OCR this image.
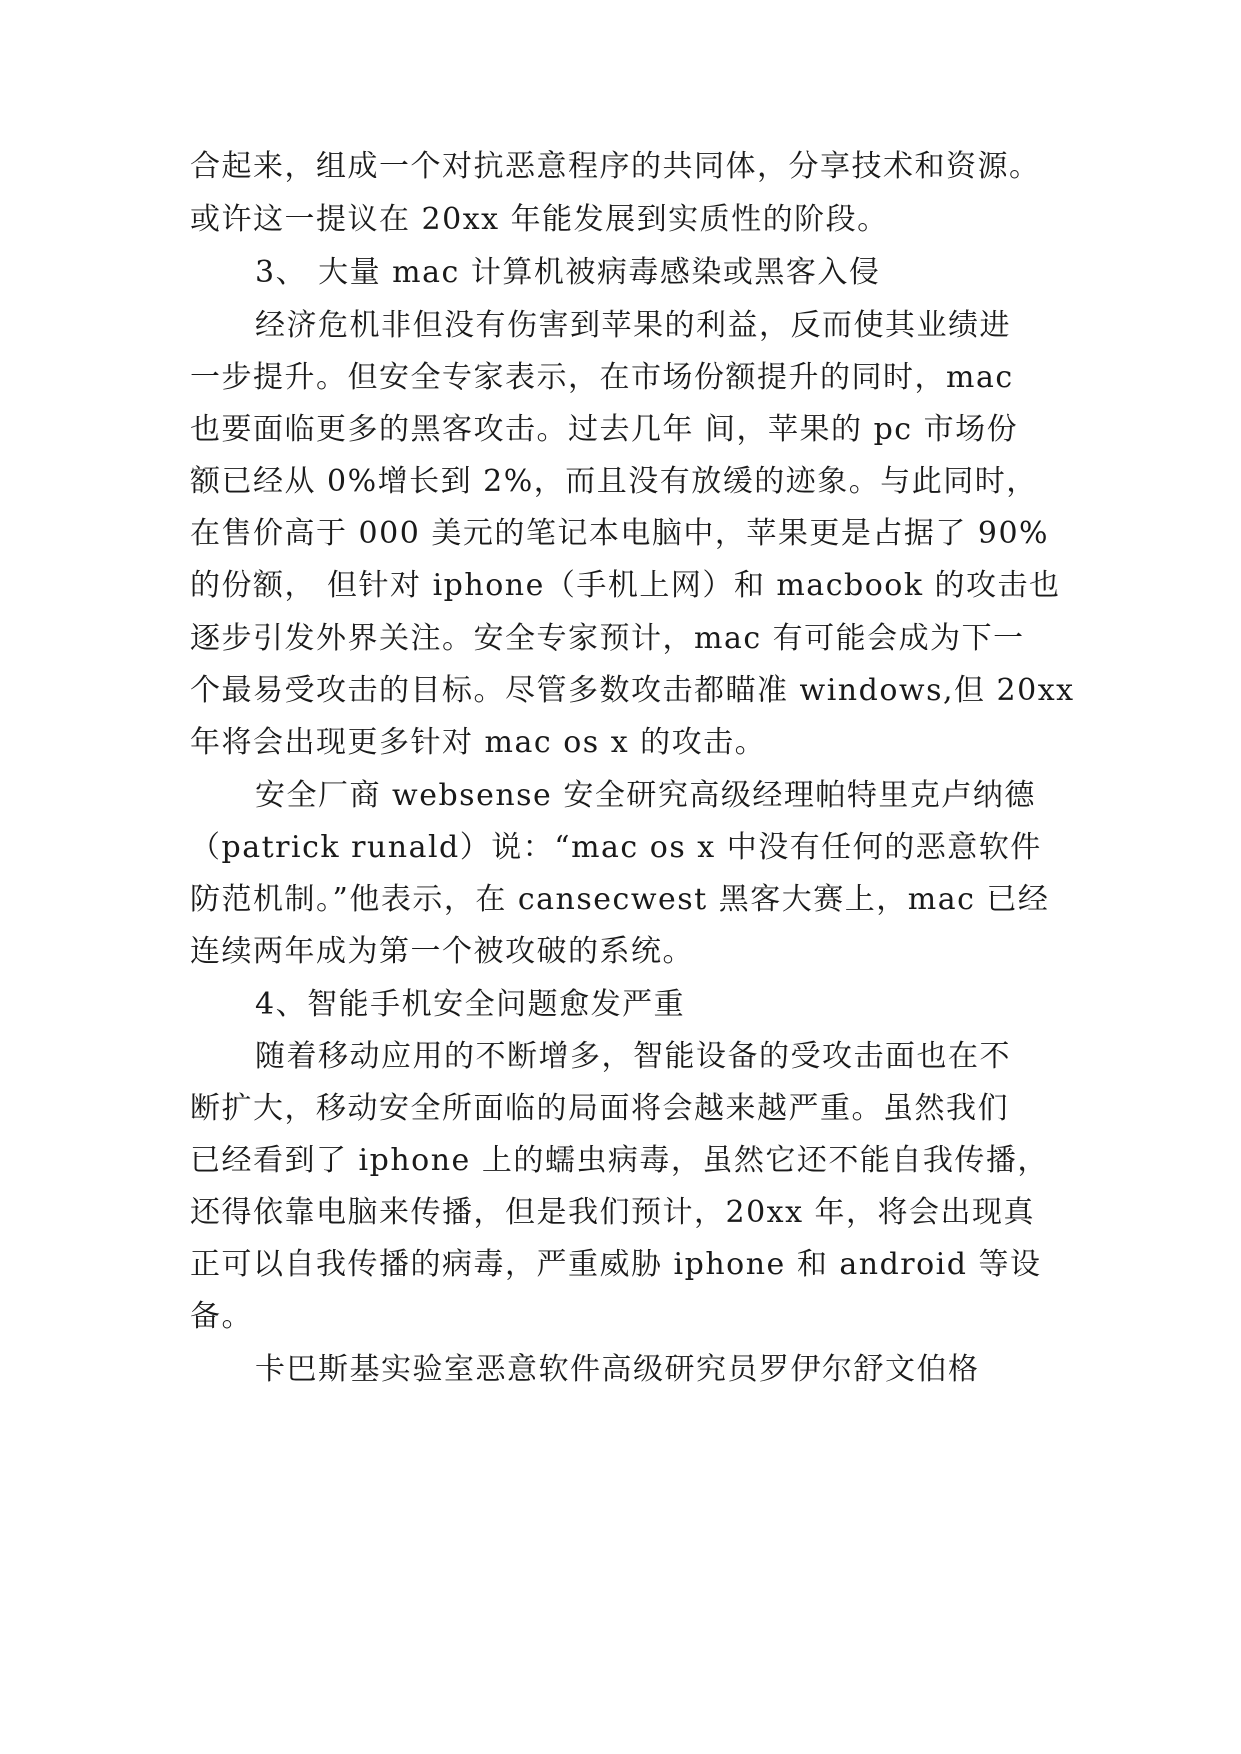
合起来，组成一个对抗恶意程序的共同体，分享技术和资源。
或许这一提议在 20xx 年能发展到实质性的阶段。
3、 大量 mac 计算机被病毒感染或黑客入侵
经济危机非但没有伤害到苹果的利益，反而使其业绩进
一步提升。但安全专家表示，在市场份额提升的同时，mac
也要面临更多的黑客攻击。过去几年 间，苹果的 pc 市场份
额已经从 0%增长到 2%，而且没有放缓的迹象。与此同时，
在售价高于 000 美元的笔记本电脑中，苹果更是占据了 90%
的份额， 但针对 iphone（手机上网）和 macbook 的攻击也
逐步引发外界关注。安全专家预计，mac 有可能会成为下一
个最易受攻击的目标。尽管多数攻击都瞄准 windows,但 20xx
年将会出现更多针对 mac os x 的攻击。
安全厂商 websense 安全研究高级经理帕特里克卢纳德
（patrick runald）说：“mac os x 中没有任何的恶意软件
防范机制。”他表示，在 cansecwest 黑客大赛上，mac 已经
连续两年成为第一个被攻破的系统。
4、智能手机安全问题愈发严重
随着移动应用的不断增多，智能设备的受攻击面也在不
断扩大，移动安全所面临的局面将会越来越严重。虽然我们
已经看到了 iphone 上的蠕虫病毒，虽然它还不能自我传播，
还得依靠电脑来传播，但是我们预计，20xx 年，将会出现真
正可以自我传播的病毒，严重威胁 iphone 和 android 等设
备。
卡巴斯基实验室恶意软件高级研究员罗伊尔舒文伯格
